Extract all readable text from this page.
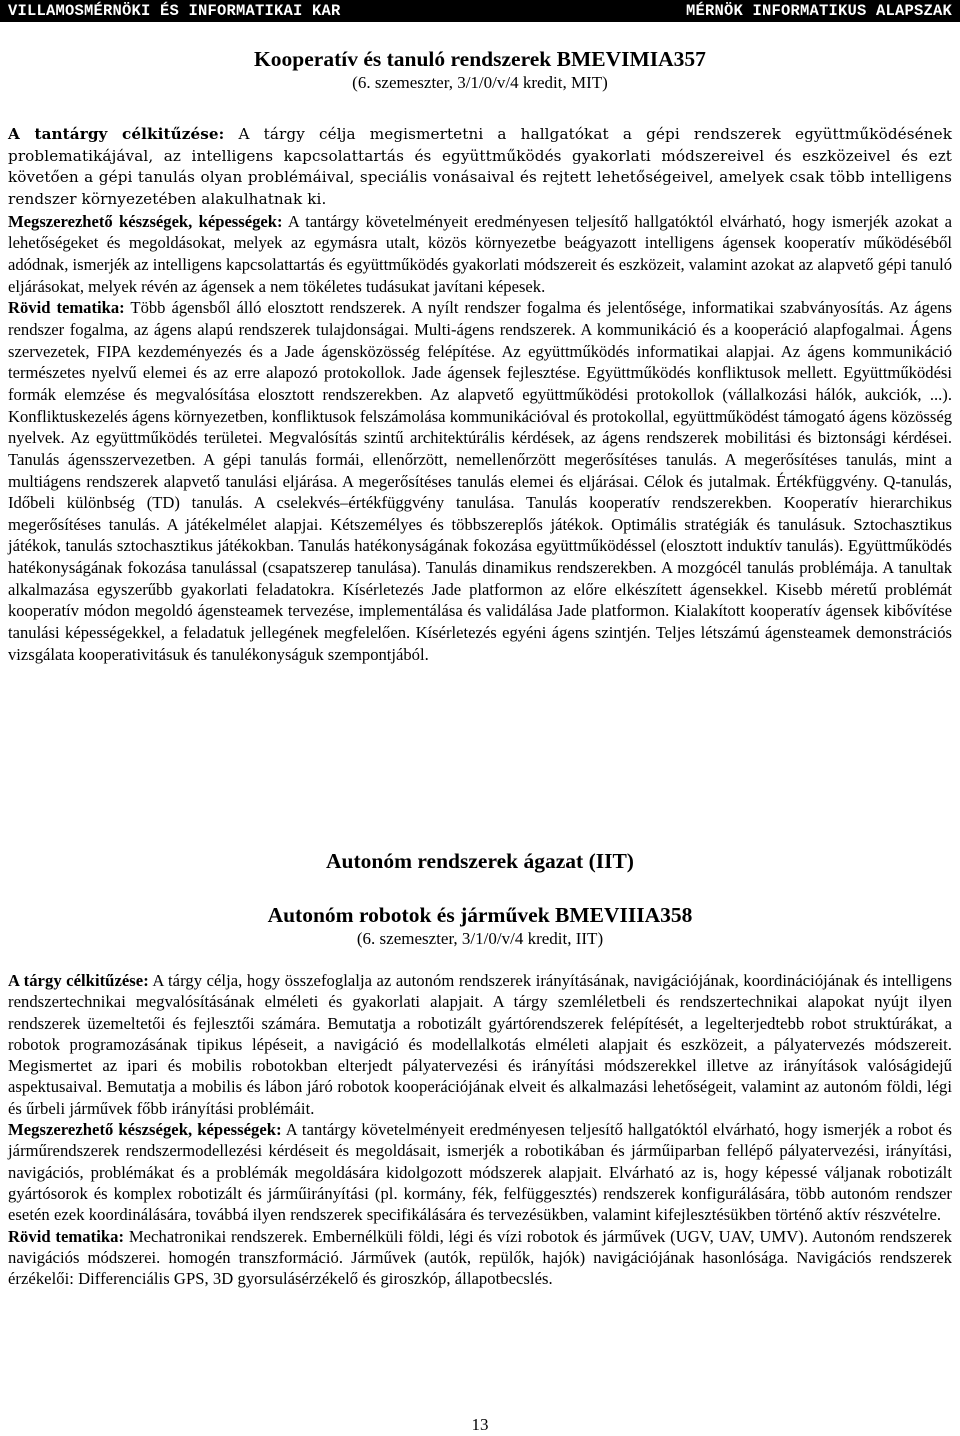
VILLAMOSMÉRNÖKI ÉS INFORMATIKAI KAR	MÉRNÖK INFORMATIKUS ALAPSZAK
Kooperatív és tanuló rendszerek BMEVIMIA357
(6. szemeszter, 3/1/0/v/4 kredit, MIT)
A tantárgy célkitűzése: A tárgy célja megismertetni a hallgatókat a gépi rendszerek együttműködésének problematikájával, az intelligens kapcsolattartás és együttműködés gyakorlati módszereivel és eszközeivel és ezt követően a gépi tanulás olyan problémáival, speciális vonásaival és rejtett lehetőségeivel, amelyek csak több intelligens rendszer környezetében alakulhatnak ki.
Megszerezhető készségek, képességek: A tantárgy követelményeit eredményesen teljesítő hallgatóktól elvárható, hogy ismerjék azokat a lehetőségeket és megoldásokat, melyek az egymásra utalt, közös környezetbe beágyazott intelligens ágensek kooperatív működéséből adódnak, ismerjék az intelligens kapcsolattartás és együttműködés gyakorlati módszereit és eszközeit, valamint azokat az alapvető gépi tanuló eljárásokat, melyek révén az ágensek a nem tökéletes tudásukat javítani képesek.
Rövid tematika: Több ágensből álló elosztott rendszerek. A nyílt rendszer fogalma és jelentősége, informatikai szabványosítás. Az ágens rendszer fogalma, az ágens alapú rendszerek tulajdonságai. Multi-ágens rendszerek. A kommunikáció és a kooperáció alapfogalmai. Ágens szervezetek, FIPA kezdeményezés és a Jade ágensközösség felépítése. Az együttműködés informatikai alapjai. Az ágens kommunikáció természetes nyelvű elemei és az erre alapozó protokollok. Jade ágensek fejlesztése. Együttműködés konfliktusok mellett. Együttműködési formák elemzése és megvalósítása elosztott rendszerekben. Az alapvető együttműködési protokollok (vállalkozási hálók, aukciók, ...). Konfliktuskezelés ágens környezetben, konfliktusok felszámolása kommunikációval és protokollal, együttműködést támogató ágens közösség nyelvek. Az együttműködés területei. Megvalósítás szintű architektúrális kérdések, az ágens rendszerek mobilitási és biztonsági kérdései. Tanulás ágensszervezetben. A gépi tanulás formái, ellenőrzött, nemellenőrzött megerősítéses tanulás. A megerősítéses tanulás, mint a multiágens rendszerek alapvető tanulási eljárása. A megerősítéses tanulás elemei és eljárásai. Célok és jutalmak. Értékfüggvény. Q-tanulás, Időbeli különbség (TD) tanulás. A cselekvés–értékfüggvény tanulása. Tanulás kooperatív rendszerekben. Kooperatív hierarchikus megerősítéses tanulás. A játékelmélet alapjai. Kétszemélyes és többszereplős játékok. Optimális stratégiák és tanulásuk. Sztochasztikus játékok, tanulás sztochasztikus játékokban. Tanulás hatékonyságának fokozása együttműködéssel (elosztott induktív tanulás). Együttműködés hatékonyságának fokozása tanulással (csapatszerep tanulása). Tanulás dinamikus rendszerekben. A mozgócél tanulás problémája. A tanultak alkalmazása egyszerűbb gyakorlati feladatokra. Kísérletezés Jade platformon az előre elkészített ágensekkel. Kisebb méretű problémát kooperatív módon megoldó ágensteamek tervezése, implementálása és validálása Jade platformon. Kialakított kooperatív ágensek kibővítése tanulási képességekkel, a feladatuk jellegének megfelelően. Kísérletezés egyéni ágens szintjén. Teljes létszámú ágensteamek demonstrációs vizsgálata kooperativitásuk és tanulékonyságuk szempontjából.
Autonóm rendszerek ágazat (IIT)
Autonóm robotok és járművek BMEVIIIA358
(6. szemeszter, 3/1/0/v/4 kredit, IIT)
A tárgy célkitűzése: A tárgy célja, hogy összefoglalja az autonóm rendszerek irányításának, navigációjának, koordinációjának és intelligens rendszertechnikai megvalósításának elméleti és gyakorlati alapjait. A tárgy szemléletbeli és rendszertechnikai alapokat nyújt ilyen rendszerek üzemeltetői és fejlesztői számára. Bemutatja a robotizált gyártórendszerek felépítését, a legelterjedtebb robot struktúrákat, a robotok programozásának tipikus lépéseit, a navigáció és modellalkotás elméleti alapjait és eszközeit, a pályatervezés módszereit. Megismertet az ipari és mobilis robotokban elterjedt pályatervezési és irányítási módszerekkel illetve az irányítások valóságidejű aspektusaival. Bemutatja a mobilis és lábon járó robotok kooperációjának elveit és alkalmazási lehetőségeit, valamint az autonóm földi, légi és űrbeli járművek főbb irányítási problémáit.
Megszerezhető készségek, képességek: A tantárgy követelményeit eredményesen teljesítő hallgatóktól elvárható, hogy ismerjék a robot és járműrendszerek rendszermodellezési kérdéseit és megoldásait, ismerjék a robotikában és járműiparban fellépő pályatervezési, irányítási, navigációs, problémákat és a problémák megoldására kidolgozott módszerek alapjait. Elvárható az is, hogy képessé váljanak robotizált gyártósorok és komplex robotizált és járműirányítási (pl. kormány, fék, felfüggesztés) rendszerek konfigurálására, több autonóm rendszer esetén ezek koordinálására, továbbá ilyen rendszerek specifikálására és tervezésükben, valamint kifejlesztésükben történő aktív részvételre.
Rövid tematika: Mechatronikai rendszerek. Embernélküli földi, légi és vízi robotok és járművek (UGV, UAV, UMV). Autonóm rendszerek navigációs módszerei. homogén transzformáció. Járművek (autók, repülők, hajók) navigációjának hasonlósága. Navigációs rendszerek érzékelői: Differenciális GPS, 3D gyorsulásérzékelő és giroszkóp, állapotbecslés.
13
